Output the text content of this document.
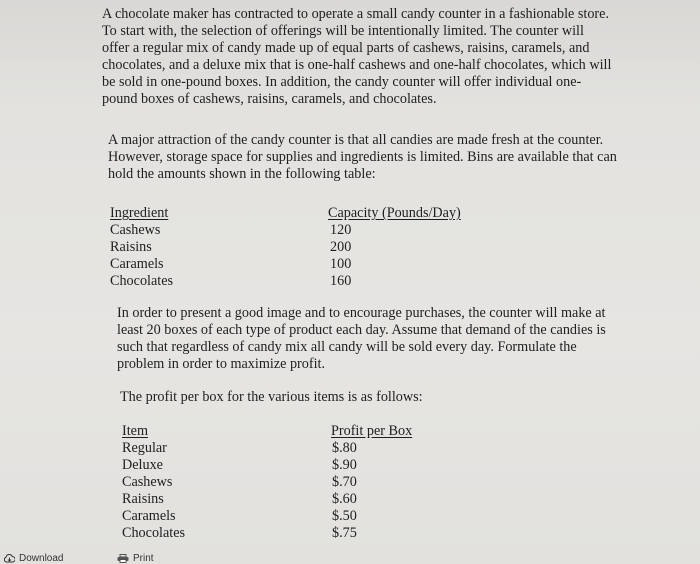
A chocolate maker has contracted to operate a small candy counter in a fashionable store.
To start with, the selection of offerings will be intentionally limited. The counter will
offer a regular mix of candy made up of equal parts of cashews, raisins, caramels, and
chocolates, and a deluxe mix that is one-half cashews and one-half chocolates, which will
be sold in one-pound boxes. In addition, the candy counter will offer individual one-
pound boxes of cashews, raisins, caramels, and chocolates.

A major attraction of the candy counter is that all candies are made fresh at the counter.
However, storage space for supplies and ingredients is limited. Bins are available that can
hold the amounts shown in the following table:

Ingredient
Cashews
Raisins
Caramels
Chocolates
Capacity (Pounds/Day)
120
200
100
160

In order to present a good image and to encourage purchases, the counter will make at
least 20 boxes of each type of product each day. Assume that demand of the candies is
such that regardless of candy mix all candy will be sold every day. Formulate the
problem in order to maximize profit.

The profit per box for the various items is as follows:

Item
Regular
Deluxe
Cashews
Raisins
Caramels
Chocolates
Profit per Box
$.80
$.90
$.70
$.60
$.50
$.75
Download	Print
